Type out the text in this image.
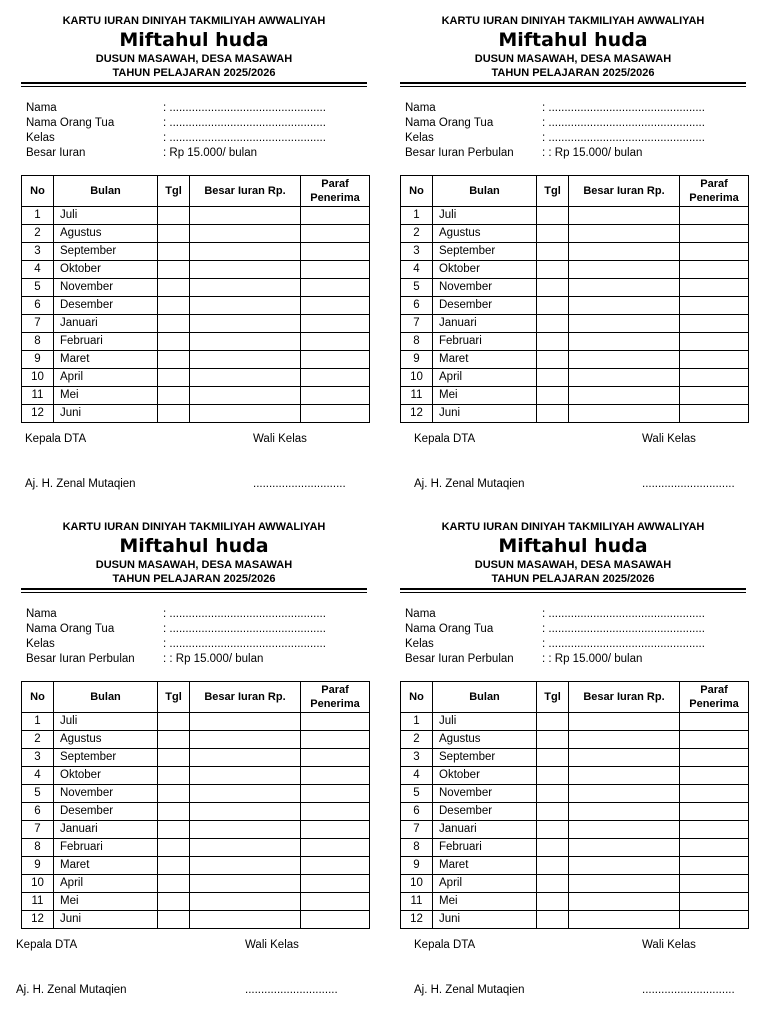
KARTU IURAN DINIYAH TAKMILIYAH AWWALIYAH
Miftahul huda
DUSUN MASAWAH, DESA MASAWAH
TAHUN PELAJARAN 2025/2026
Nama	: .................................................
Nama Orang Tua	: .................................................
Kelas	: .................................................
Besar Iuran	: Rp 15.000/ bulan
No	Bulan	Tgl	Besar Iuran Rp.	Paraf Penerima
1	Juli			
2	Agustus			
3	September			
4	Oktober			
5	November			
6	Desember			
7	Januari			
8	Februari			
9	Maret			
10	April			
11	Mei			
12	Juni			
Kepala DTA	Wali Kelas
Aj. H. Zenal Mutaqien	.............................
KARTU IURAN DINIYAH TAKMILIYAH AWWALIYAH
Miftahul huda
DUSUN MASAWAH, DESA MASAWAH
TAHUN PELAJARAN 2025/2026
Nama	: .................................................
Nama Orang Tua	: .................................................
Kelas	: .................................................
Besar Iuran Perbulan : : Rp 15.000/ bulan
No	Bulan	Tgl	Besar Iuran Rp.	Paraf Penerima
1	Juli			
2	Agustus			
3	September			
4	Oktober			
5	November			
6	Desember			
7	Januari			
8	Februari			
9	Maret			
10	April			
11	Mei			
12	Juni			
Kepala DTA	Wali Kelas
Aj. H. Zenal Mutaqien	.............................
KARTU IURAN DINIYAH TAKMILIYAH AWWALIYAH
Miftahul huda
DUSUN MASAWAH, DESA MASAWAH
TAHUN PELAJARAN 2025/2026
Nama	: .................................................
Nama Orang Tua	: .................................................
Kelas	: .................................................
Besar Iuran Perbulan : : Rp 15.000/ bulan
No	Bulan	Tgl	Besar Iuran Rp.	Paraf Penerima
1	Juli			
2	Agustus			
3	September			
4	Oktober			
5	November			
6	Desember			
7	Januari			
8	Februari			
9	Maret			
10	April			
11	Mei			
12	Juni			
Kepala DTA	Wali Kelas
Aj. H. Zenal Mutaqien	.............................
KARTU IURAN DINIYAH TAKMILIYAH AWWALIYAH
Miftahul huda
DUSUN MASAWAH, DESA MASAWAH
TAHUN PELAJARAN 2025/2026
Nama	: .................................................
Nama Orang Tua	: .................................................
Kelas	: .................................................
Besar Iuran Perbulan : : Rp 15.000/ bulan
No	Bulan	Tgl	Besar Iuran Rp.	Paraf Penerima
1	Juli			
2	Agustus			
3	September			
4	Oktober			
5	November			
6	Desember			
7	Januari			
8	Februari			
9	Maret			
10	April			
11	Mei			
12	Juni			
Kepala DTA	Wali Kelas
Aj. H. Zenal Mutaqien	.............................
